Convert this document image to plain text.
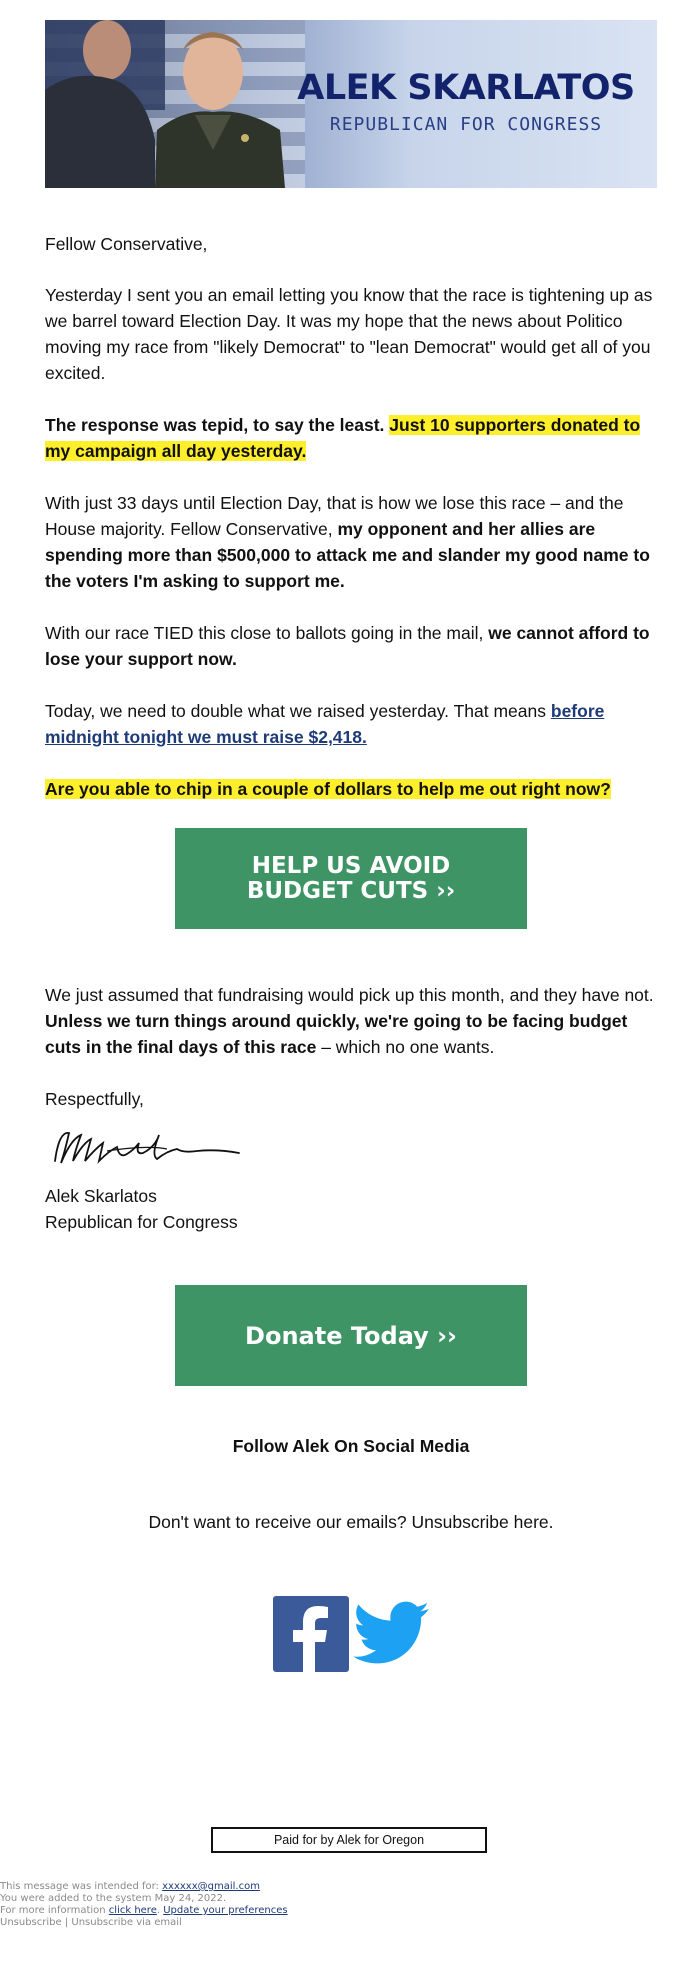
ALEK SKARLATOS
REPUBLICAN FOR CONGRESS

Fellow Conservative,

Yesterday I sent you an email letting you know that the race is tightening up as we barrel toward Election Day. It was my hope that the news about Politico moving my race from "likely Democrat" to "lean Democrat" would get all of you excited.

The response was tepid, to say the least. Just 10 supporters donated to my campaign all day yesterday.

With just 33 days until Election Day, that is how we lose this race – and the House majority. Fellow Conservative, my opponent and her allies are spending more than $500,000 to attack me and slander my good name to the voters I'm asking to support me.

With our race TIED this close to ballots going in the mail, we cannot afford to lose your support now.

Today, we need to double what we raised yesterday. That means before midnight tonight we must raise $2,418.

Are you able to chip in a couple of dollars to help me out right now?

HELP US AVOID BUDGET CUTS ››

We just assumed that fundraising would pick up this month, and they have not. Unless we turn things around quickly, we're going to be facing budget cuts in the final days of this race – which no one wants.

Respectfully,

Alek Skarlatos

Republican for Congress

Donate Today ››
Follow Alek On Social Media
Don't want to receive our emails? Unsubscribe here.
Paid for by Alek for Oregon
This message was intended for: xxxxxx@gmail.com
You were added to the system May 24, 2022.
For more information click here. Update your preferences
Unsubscribe | Unsubscribe via email
